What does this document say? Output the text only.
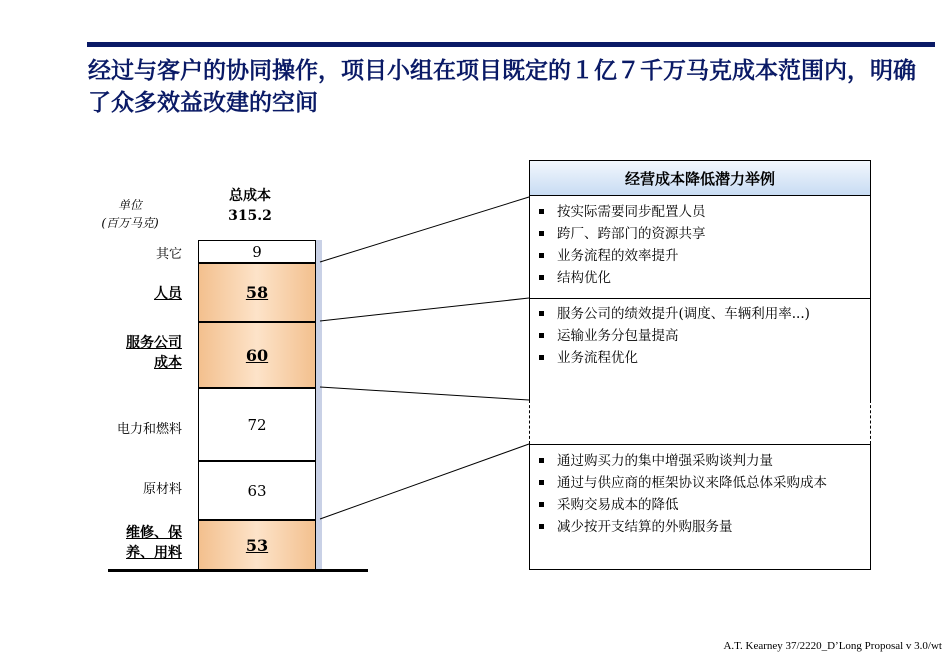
经过与客户的协同操作，项目小组在项目既定的１亿７千万马克成本范围内，明确了众多效益改建的空间
单位
(百万马克)
总成本
315.2
9
58
60
72
63
53
其它
人员
服务公司成本
电力和燃料
原材料
维修、保养、用料
经营成本降低潜力举例
按实际需要同步配置人员
跨厂、跨部门的资源共享
业务流程的效率提升
结构优化
服务公司的绩效提升(调度、车辆利用率...)
运输业务分包量提高
业务流程优化
通过购买力的集中增强采购谈判力量
通过与供应商的框架协议来降低总体采购成本
采购交易成本的降低
减少按开支结算的外购服务量
A.T. Kearney 37/2220_D’Long Proposal v 3.0/wt
